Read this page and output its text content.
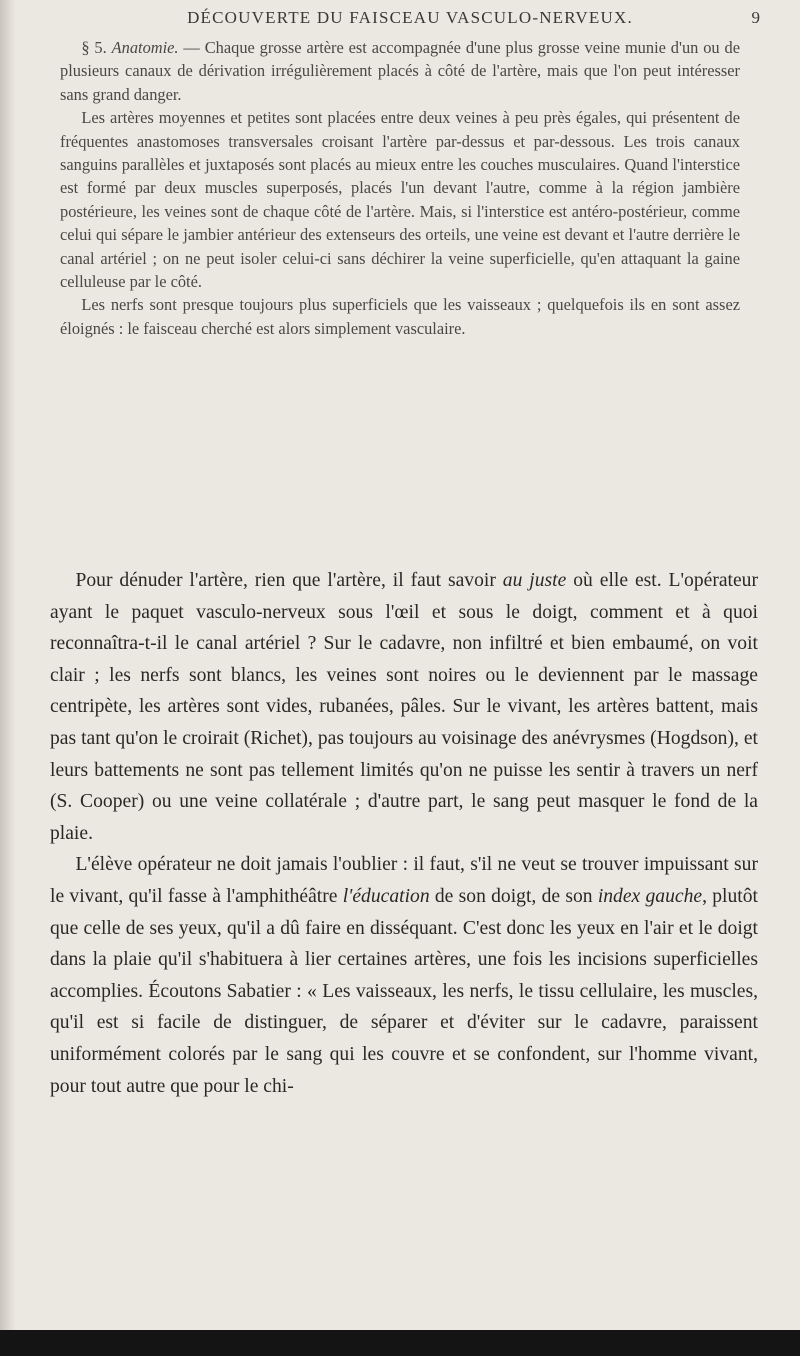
DÉCOUVERTE DU FAISCEAU VASCULO-NERVEUX.	9

§ 5. Anatomie. — Chaque grosse artère est accompagnée d'une plus grosse veine munie d'un ou de plusieurs canaux de dérivation irrégulièrement placés à côté de l'artère, mais que l'on peut intéresser sans grand danger.

Les artères moyennes et petites sont placées entre deux veines à peu près égales, qui présentent de fréquentes anastomoses transversales croisant l'artère par-dessus et par-dessous. Les trois canaux sanguins parallèles et juxtaposés sont placés au mieux entre les couches musculaires. Quand l'interstice est formé par deux muscles superposés, placés l'un devant l'autre, comme à la région jambière postérieure, les veines sont de chaque côté de l'artère. Mais, si l'interstice est antéro-postérieur, comme celui qui sépare le jambier antérieur des extenseurs des orteils, une veine est devant et l'autre derrière le canal artériel ; on ne peut isoler celui-ci sans déchirer la veine superficielle, qu'en attaquant la gaine celluleuse par le côté.

Les nerfs sont presque toujours plus superficiels que les vaisseaux ; quelquefois ils en sont assez éloignés : le faisceau cherché est alors simplement vasculaire.

Pour dénuder l'artère, rien que l'artère, il faut savoir au juste où elle est. L'opérateur ayant le paquet vasculo-nerveux sous l'œil et sous le doigt, comment et à quoi reconnaîtra-t-il le canal artériel ? Sur le cadavre, non infiltré et bien embaumé, on voit clair ; les nerfs sont blancs, les veines sont noires ou le deviennent par le massage centripète, les artères sont vides, rubanées, pâles. Sur le vivant, les artères battent, mais pas tant qu'on le croirait (Richet), pas toujours au voisinage des anévrysmes (Hogdson), et leurs battements ne sont pas tellement limités qu'on ne puisse les sentir à travers un nerf (S. Cooper) ou une veine collatérale ; d'autre part, le sang peut masquer le fond de la plaie.

L'élève opérateur ne doit jamais l'oublier : il faut, s'il ne veut se trouver impuissant sur le vivant, qu'il fasse à l'amphithéâtre l'éducation de son doigt, de son index gauche, plutôt que celle de ses yeux, qu'il a dû faire en disséquant. C'est donc les yeux en l'air et le doigt dans la plaie qu'il s'habituera à lier certaines artères, une fois les incisions superficielles accomplies. Écoutons Sabatier : « Les vaisseaux, les nerfs, le tissu cellulaire, les muscles, qu'il est si facile de distinguer, de séparer et d'éviter sur le cadavre, paraissent uniformément colorés par le sang qui les couvre et se confondent, sur l'homme vivant, pour tout autre que pour le chi-
